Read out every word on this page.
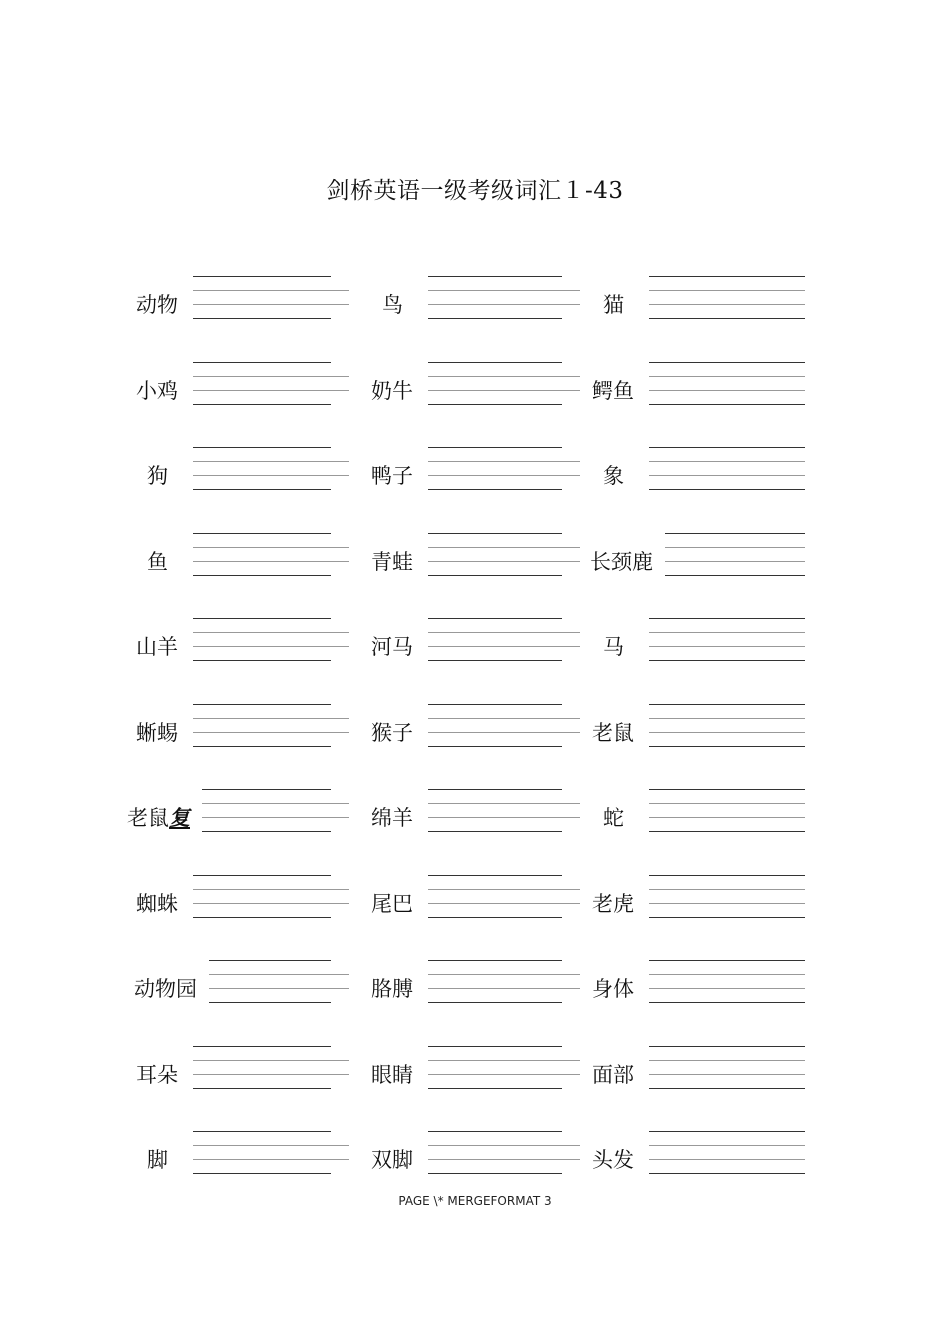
剑桥英语一级考级词汇１-43
动物	鸟	猫
小鸡	奶牛	鳄鱼
狗	鸭子	象
鱼	青蛙	长颈鹿
山羊	河马	马
蜥蜴	猴子	老鼠
老鼠复	绵羊	蛇
蜘蛛	尾巴	老虎
动物园	胳膊	身体
耳朵	眼睛	面部
脚	双脚	头发
PAGE \* MERGEFORMAT 3
